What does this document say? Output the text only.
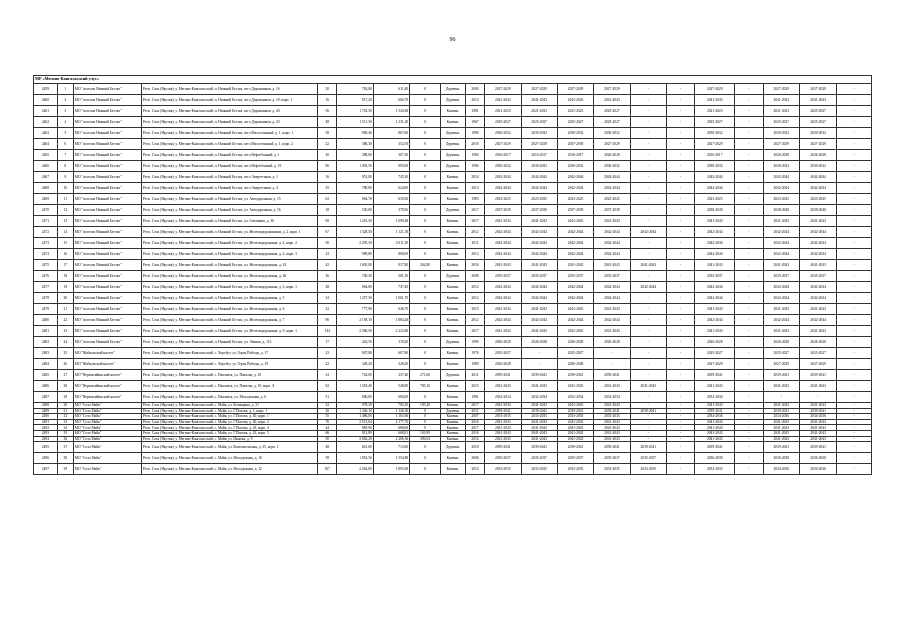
96
МР «Мегино-Кангаласский улус»																				
2459	1	МО "поселок Нижний Бестях"	Респ. Саха (Якутия), у. Мегино-Кангаласский, п. Нижний Бестях, кв-л Дорожников, д. 16	20	763,80	611,40	0	Деревян.	2000	2027-2029	2027-2029	2027-2029	2027-2029	-	-	2027-2029	-	2027-2029	2027-2029	-
2460	2	МО "поселок Нижний Бестях"	Респ. Саха (Якутия), у. Мегино-Кангаласский, п. Нижний Бестях, кв-л Дорожников, д. 19, корп. 1	16	917,20	666,70	0	Деревян.	2015	2041-2043	2041-2043	2041-2043	2041-2043	-	-	2041-2043	-	2041-2043	2041-2043	-
2461	3	МО "поселок Нижний Бестях"	Респ. Саха (Якутия), у. Мегино-Кангаласский, п. Нижний Бестях, кв-л Дорожников, д. 20	56	1 743,50	1 543,60	0	Каменн.	1981	2021-2023	2021-2023	2021-2023	2025-2027	-	-	2021-2023	-	2021-2023	2025-2027	-
2462	4	МО "поселок Нижний Бестях"	Респ. Саха (Якутия), у. Мегино-Кангаласский, п. Нижний Бестях, кв-л Дорожников, д. 23	48	1 511,30	1 231,20	0	Каменн.	1967	2025-2027	2025-2027	2025-2027	2025-2027	-	-	2025-2027	-	2025-2027	2025-2027	-
2463	5	МО "поселок Нижний Бестях"	Респ. Саха (Якутия), у. Мегино-Кангаласский, п. Нижний Бестях, кв-л Малоэтажный, д. 1, корп. 1	58	960,40	867,60	0	Деревян.	1990	2030-2032	2030-2032	2030-2032	2030-2032	-	-	2030-2032	-	2030-2032	2030-2032	-
2464	6	МО "поселок Нижний Бестях"	Респ. Саха (Якутия), у. Мегино-Кангаласский, п. Нижний Бестях, кв-л Малоэтажный, д. 1, корп. 2	22	386,30	352,50	0	Деревян.	2018	2027-2029	2027-2029	2037-2039	2027-2029	-	-	2027-2029	-	2027-2029	2027-2029	-
2465	7	МО "поселок Нижний Бестях"	Респ. Саха (Якутия), у. Мегино-Кангаласский, п. Нижний Бестях, кв-л Нефтебазный, д. 1	20	388,00	367,30	0	Деревян.	1984	2016-2017	2016-2017	2016-2017	2026-2028	-	-	2016-2017	-	2026-2028	2026-2028	-
2466	8	МО "поселок Нижний Бестях"	Респ. Саха (Якутия), у. Мегино-Кангаласский, п. Нижний Бестях, кв-л Нефтебазный, д. 19	96	1 003,50	993,00	0	Деревян.	1994	2030-2032	2030-2032	2030-2032	2030-2032	-	-	2030-2032	-	2030-2032	2030-2032	-
2467	9	МО "поселок Нижний Бестях"	Респ. Саха (Якутия), у. Мегино-Кангаласский, п. Нижний Бестях, кв-л Энергетиков, д. 1	16	951,00	745,30	0	Каменн.	2014	2042-2044	2042-2044	2042-2044	2042-2044	-	-	2042-2044	-	2042-2044	2042-2044	-
2468	10	МО "поселок Нижний Бестях"	Респ. Саха (Якутия), у. Мегино-Кангаласский, п. Нижний Бестях, кв-л Энергетиков, д. 4	35	780,80	624,00	0	Каменн.	2013	2042-2044	2042-2044	2042-2044	2042-2044	-	-	2042-2044	-	2042-2044	2042-2044	-
2469	11	МО "поселок Нижний Бестях"	Респ. Саха (Якутия), у. Мегино-Кангаласский, п. Нижний Бестях, ул. Автодорожная, д. 15	62	964,70	635,60	0	Каменн.	1983	2023-2025	2023-2025	2023-2025	2023-2025	-	-	2023-2025	-	2023-2025	2023-2025	-
2470	12	МО "поселок Нижний Бестях"	Респ. Саха (Якутия), у. Мегино-Кангаласский, п. Нижний Бестях, ул. Автодорожная, д. 16	18	530,00	378,56	0	Деревян.	2017	2037-2039	2037-2039	2037-2039	2037-2039	-	-	2038-2040	-	2038-2040	2038-2040	-
2471	13	МО "поселок Нижний Бестях"	Респ. Саха (Якутия), у. Мегино-Кангаласский, п. Нижний Бестях, ул. Газовиков, д. 36	69	1 261,30	1 099,48	0	Каменн.	2017	2041-2043	2041-2043	2041-2043	2041-2043	-	-	2041-2043	-	2041-2043	2041-2043	-
2472	14	МО "поселок Нижний Бестях"	Респ. Саха (Якутия), у. Мегино-Кангаласский, п. Нижний Бестях, ул. Железнодорожников, д. 2, корп. 1	67	1 528,50	1 121,18	0	Каменн.	2012	2042-2044	2042-2044	2042-2044	2042-2044	2042-2044	-	2042-2044	-	2042-2044	2042-2044	-
2473	15	МО "поселок Нижний Бестях"	Респ. Саха (Якутия), у. Мегино-Кангаласский, п. Нижний Бестях, ул. Железнодорожная, д. 2, корп. 2	50	2 295,30	2 011,30	0	Каменн.	2011	2042-2044	2042-2044	2042-2044	2042-2044	-	-	2042-2044	-	2042-2044	2042-2044	-
2474	16	МО "поселок Нижний Бестях"	Респ. Саха (Якутия), у. Мегино-Кангаласский, п. Нижний Бестях, ул. Железнодорожная, д. 2, корп. 3	23	989,80	868,00	0	Каменн.	2013	2042-2044	2042-2044	2042-2044	2042-2044	-	-	2042-2044	-	2042-2044	2042-2044	-
2475	17	МО "поселок Нижний Бестях"	Респ. Саха (Якутия), у. Мегино-Кангаласский, п. Нижний Бестях, ул. Железнодорожная, д. 24	42	1 605,00	917,80	262,80	Каменн.	2016	2041-2043	2041-2043	2041-2043	2041-2043	2041-2043	-	2041-2043	-	2041-2043	2041-2043	-
2476	18	МО "поселок Нижний Бестях"	Респ. Саха (Якутия), у. Мегино-Кангаласский, п. Нижний Бестях, ул. Железнодорожная, д. 26	26	700,30	581,30	0	Деревян.	2008	2035-2037	2035-2037	2035-2037	2035-2037	-	-	2035-2037	-	2035-2037	2035-2037	-
2477	19	МО "поселок Нижний Бестях"	Респ. Саха (Якутия), у. Мегино-Кангаласский, п. Нижний Бестях, ул. Железнодорожная, д. 3, корп. 1	28	964,80	747,40	0	Каменн.	2012	2042-2044	2042-2044	2042-2044	2042-2044	2042-2044	-	2042-2044	-	2042-2044	2042-2044	-
2478	20	МО "поселок Нижний Бестях"	Респ. Саха (Якутия), у. Мегино-Кангаласский, п. Нижний Бестях, ул. Железнодорожная, д. 5	34	1 257,30	1 061,70	0	Каменн.	2012	2042-2044	2042-2044	2042-2044	2042-2044	-	-	2042-2044	-	2042-2044	2042-2044	-
2479	21	МО "поселок Нижний Бестях"	Респ. Саха (Якутия), у. Мегино-Кангаласский, п. Нижний Бестях, ул. Железнодорожная, д. 6	32	777,90	646,70	0	Каменн.	2015	2041-2043	2041-2043	2041-2043	2041-2043	-	-	2041-2043	-	2041-2043	2041-2043	-
2480	22	МО "поселок Нижний Бестях"	Респ. Саха (Якутия), у. Мегино-Кангаласский, п. Нижний Бестях, ул. Железнодорожная, д. 7	96	2 158,10	1 884,26	0	Каменн.	2012	2042-2044	2042-2044	2042-2044	2042-2044	-	-	2042-2044	-	2042-2044	2042-2044	-
2481	23	МО "поселок Нижний Бестях"	Респ. Саха (Якутия), у. Мегино-Кангаласский, п. Нижний Бестях, ул. Железнодорожная, д. 9, корп. 1	144	2 560,50	2 223,60	0	Каменн.	2017	2041-2043	2041-2043	2041-2043	2041-2043	-	-	2041-2043	-	2041-2043	2041-2043	-
2482	24	МО "поселок Нижний Бестях"	Респ. Саха (Якутия), у. Мегино-Кангаласский, п. Нижний Бестях, ул. Ленина, д. 113	17	422,50	319,20	0	Деревян.	1999	2026-2028	2026-2028	2026-2028	2026-2028	-	-	2026-2028	-	2026-2028	2026-2028	-
2483	25	МО "Жабыльский наслег"	Респ. Саха (Якутия), у. Мегино-Кангаласский, с. Хоробут, ул. Героя Победы, д. 17	23	607,80	607,80	0	Каменн.	1976	2025-2027	-	2025-2027	-	-	-	2025-2027	-	2025-2027	2025-2027	-
2484	26	МО "Жабыльский наслег"	Респ. Саха (Якутия), у. Мегино-Кангаласский, с. Хоробут, ул. Героя Победы, д. 19	22	328,20	328,20	0	Каменн.	1989	2026-2028	-	2026-2028	-	-	-	2027-2029	-	2027-2029	2027-2029	-
2485	27	МО "Нерюктяйинский наслег"	Респ. Саха (Якутия), у. Мегино-Кангаласский, с. Павловск, ул. Павлова, д. 10	34	744,00	237,40	271,60	Деревян.	2011	2039-2041	2039-2041	2039-2041	2039-2041	-	-	2039-2041	-	2039-2041	2039-2041	-
2486	28	МО "Нерюктяйинский наслег"	Респ. Саха (Якутия), у. Мегино-Кангаласский, с. Павловск, ул. Павлова, д. 10, корп. А	92	1 518,40	548,80	785,10	Каменн.	2015	2041-2043	2041-2043	2041-2043	2041-2043	2041-2043	-	2041-2043	-	2041-2043	2041-2043	-
2487	29	МО "Нерюктяйинский наслег"	Респ. Саха (Якутия), у. Мегино-Кангаласский, с. Павловск, ул. Молодежная, д. 6	51	606,00	606,00	0	Каменн.	1981	2032-2034	2032-2034	2032-2034	2032-2034	-	-	2032-2034	-	-	-	-
2488	30	МО "Село Майя"	Респ. Саха (Якутия), у. Мегино-Кангаласский, с. Майя, ул. Бечиндина, д. 31	52	978,30	782,30	195,40	Каменн.	2017	2041-2043	2041-2043	2041-2043	2041-2043	-	-	2041-2043	-	2041-2043	2041-2043	-
2489	31	МО "Село Майя"	Респ. Саха (Якутия), у. Мегино-Кангаласский, с. Майя, ул. Г.Попова, д. 1, корп. 1	30	1 346,10	1 146,30	0	Деревян.	2011	2039-2041	2039-2041	2039-2041	2039-2041	2039-2041	-	2039-2041	-	2039-2041	2039-2041	-
2490	32	МО "Село Майя"	Респ. Саха (Якутия), у. Мегино-Кангаласский, с. Майя, ул. Г.Попова, д. 40, корп. 1	55	1 486,60	1 163,60	0	Каменн.	2007	2033-2035	2033-2035	2033-2035	2033-2035	-	-	2034-2036	-	2034-2036	2034-2036	-
2491	33	МО "Село Майя"	Респ. Саха (Якутия), у. Мегино-Кангаласский, с. Майя, ул. Г.Попова, д. 40, корп. 2	76	2 513,64	2 177,76	0	Каменн.	2016	2041-2043	2041-2043	2041-2043	2041-2043	-	-	2041-2043	-	2041-2043	2041-2043	-
2492	34	МО "Село Майя"	Респ. Саха (Якутия), у. Мегино-Кангаласский, с. Майя, ул. Г.Попова, д. 43, корп. 4	44	869,90	688,60	0	Каменн.	2017	2041-2043	2041-2043	2041-2043	2041-2043	-	-	2041-2043	-	2041-2043	2041-2043	-
2493	35	МО "Село Майя"	Респ. Саха (Якутия), у. Мегино-Кангаласский, с. Майя, ул. Г.Попова, д. 43, корп. 5	66	812,80	668,81	163,99	Каменн.	2016	2041-2043	2041-2043	2041-2043	2041-2043	-	-	2041-2043	-	2041-2043	2041-2043	-
2494	36	МО "Село Майя"	Респ. Саха (Якутия), у. Мегино-Кангаласский, с. Майя, ул. Инжека, д. 9	50	2 682,20	2 286,36	396,04	Каменн.	2016	2041-2043	2041-2043	2041-2043	2041-2043	-	-	2041-2043	-	2041-2043	2041-2043	-
2495	37	МО "Село Майя"	Респ. Саха (Якутия), у. Мегино-Кангаласский, с. Майя, ул. Комсомольская, д. 35, корп. 1	48	821,60	713,60	0	Деревян.	2010	2039-2041	2039-2041	2039-2041	2039-2041	2039-2041	-	2039-2041	-	2039-2041	2039-2041	-
2496	38	МО "Село Майя"	Респ. Саха (Якутия), у. Мегино-Кангаласский, с. Майя, ул. Молодежная, д. 10	58	1 852,50	1 554,80	0	Каменн.	2006	2035-2037	2035-2037	2035-2037	2035-2037	2035-2037	-	2036-2038	-	2036-2038	2036-2038	-
2497	39	МО "Село Майя"	Респ. Саха (Якутия), у. Мегино-Кангаласский, с. Майя, ул. Молодежная, д. 12	107	2 262,00	1 893,00	0	Каменн.	2012	2033-2035	2033-2035	2033-2035	2033-2035	2033-2035	-	2033-2035	-	2034-2036	2034-2036	-
